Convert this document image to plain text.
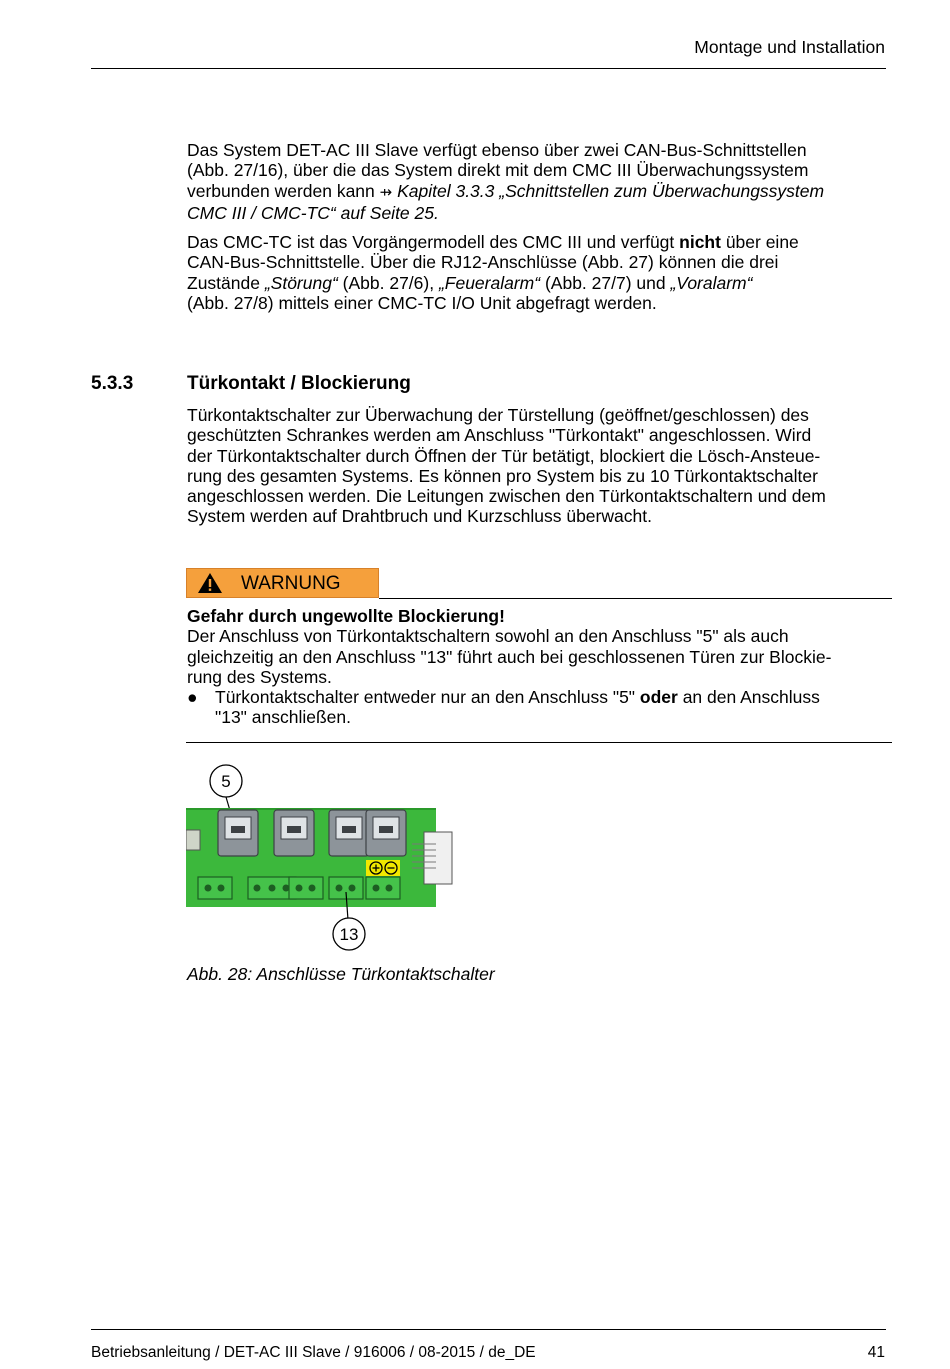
Montage und Installation
Das System DET-AC III Slave verfügt ebenso über zwei CAN-Bus-Schnittstellen
(Abb. 27/16), über die das System direkt mit dem CMC III Überwachungssystem
verbunden werden kann ⇸ Kapitel 3.3.3 „Schnittstellen zum Überwachungssystem
CMC III / CMC-TC“ auf Seite 25.
Das CMC-TC ist das Vorgängermodell des CMC III und verfügt nicht über eine
CAN-Bus-Schnittstelle. Über die RJ12-Anschlüsse (Abb. 27) können die drei
Zustände „Störung“ (Abb. 27/6), „Feueralarm“ (Abb. 27/7) und „Voralarm“
(Abb. 27/8) mittels einer CMC-TC I/O Unit abgefragt werden.
5.3.3	Türkontakt / Blockierung
Türkontaktschalter zur Überwachung der Türstellung (geöffnet/geschlossen) des
geschützten Schrankes werden am Anschluss "Türkontakt" angeschlossen. Wird
der Türkontaktschalter durch Öffnen der Tür betätigt, blockiert die Lösch-Ansteue-
rung des gesamten Systems. Es können pro System bis zu 10 Türkontaktschalter
angeschlossen werden. Die Leitungen zwischen den Türkontaktschaltern und dem
System werden auf Drahtbruch und Kurzschluss überwacht.
WARNUNG
Gefahr durch ungewollte Blockierung!
Der Anschluss von Türkontaktschaltern sowohl an den Anschluss "5" als auch
gleichzeitig an den Anschluss "13" führt auch bei geschlossenen Türen zur Blockie-
rung des Systems.
● Türkontaktschalter entweder nur an den Anschluss "5" oder an den Anschluss
"13" anschließen.
5
13
Abb. 28: Anschlüsse Türkontaktschalter
Betriebsanleitung / DET-AC III Slave / 916006 / 08-2015 / de_DE	41
